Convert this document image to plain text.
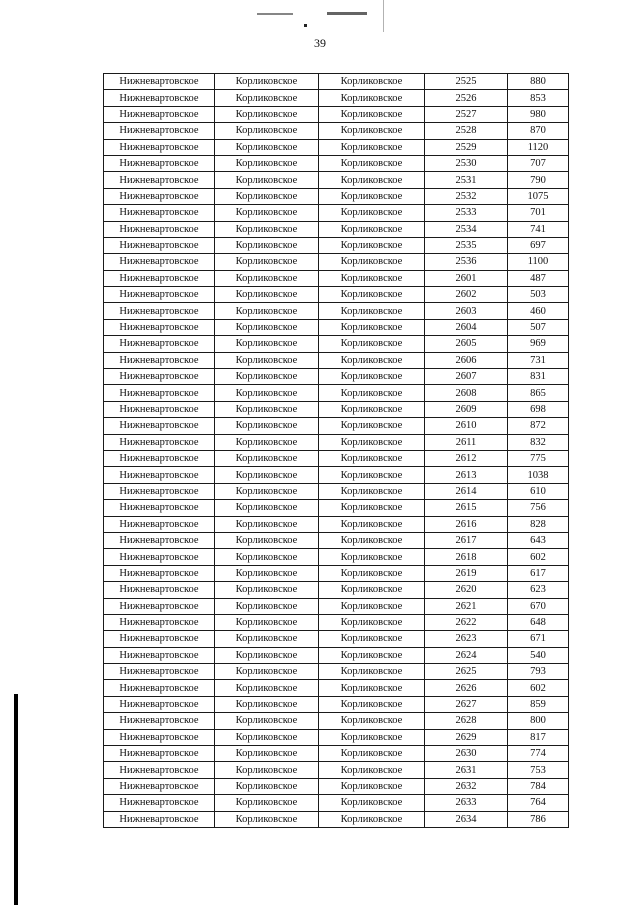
39
Нижневартовское	Корликовское	Корликовское	2525	880
Нижневартовское	Корликовское	Корликовское	2526	853
Нижневартовское	Корликовское	Корликовское	2527	980
Нижневартовское	Корликовское	Корликовское	2528	870
Нижневартовское	Корликовское	Корликовское	2529	1120
Нижневартовское	Корликовское	Корликовское	2530	707
Нижневартовское	Корликовское	Корликовское	2531	790
Нижневартовское	Корликовское	Корликовское	2532	1075
Нижневартовское	Корликовское	Корликовское	2533	701
Нижневартовское	Корликовское	Корликовское	2534	741
Нижневартовское	Корликовское	Корликовское	2535	697
Нижневартовское	Корликовское	Корликовское	2536	1100
Нижневартовское	Корликовское	Корликовское	2601	487
Нижневартовское	Корликовское	Корликовское	2602	503
Нижневартовское	Корликовское	Корликовское	2603	460
Нижневартовское	Корликовское	Корликовское	2604	507
Нижневартовское	Корликовское	Корликовское	2605	969
Нижневартовское	Корликовское	Корликовское	2606	731
Нижневартовское	Корликовское	Корликовское	2607	831
Нижневартовское	Корликовское	Корликовское	2608	865
Нижневартовское	Корликовское	Корликовское	2609	698
Нижневартовское	Корликовское	Корликовское	2610	872
Нижневартовское	Корликовское	Корликовское	2611	832
Нижневартовское	Корликовское	Корликовское	2612	775
Нижневартовское	Корликовское	Корликовское	2613	1038
Нижневартовское	Корликовское	Корликовское	2614	610
Нижневартовское	Корликовское	Корликовское	2615	756
Нижневартовское	Корликовское	Корликовское	2616	828
Нижневартовское	Корликовское	Корликовское	2617	643
Нижневартовское	Корликовское	Корликовское	2618	602
Нижневартовское	Корликовское	Корликовское	2619	617
Нижневартовское	Корликовское	Корликовское	2620	623
Нижневартовское	Корликовское	Корликовское	2621	670
Нижневартовское	Корликовское	Корликовское	2622	648
Нижневартовское	Корликовское	Корликовское	2623	671
Нижневартовское	Корликовское	Корликовское	2624	540
Нижневартовское	Корликовское	Корликовское	2625	793
Нижневартовское	Корликовское	Корликовское	2626	602
Нижневартовское	Корликовское	Корликовское	2627	859
Нижневартовское	Корликовское	Корликовское	2628	800
Нижневартовское	Корликовское	Корликовское	2629	817
Нижневартовское	Корликовское	Корликовское	2630	774
Нижневартовское	Корликовское	Корликовское	2631	753
Нижневартовское	Корликовское	Корликовское	2632	784
Нижневартовское	Корликовское	Корликовское	2633	764
Нижневартовское	Корликовское	Корликовское	2634	786
